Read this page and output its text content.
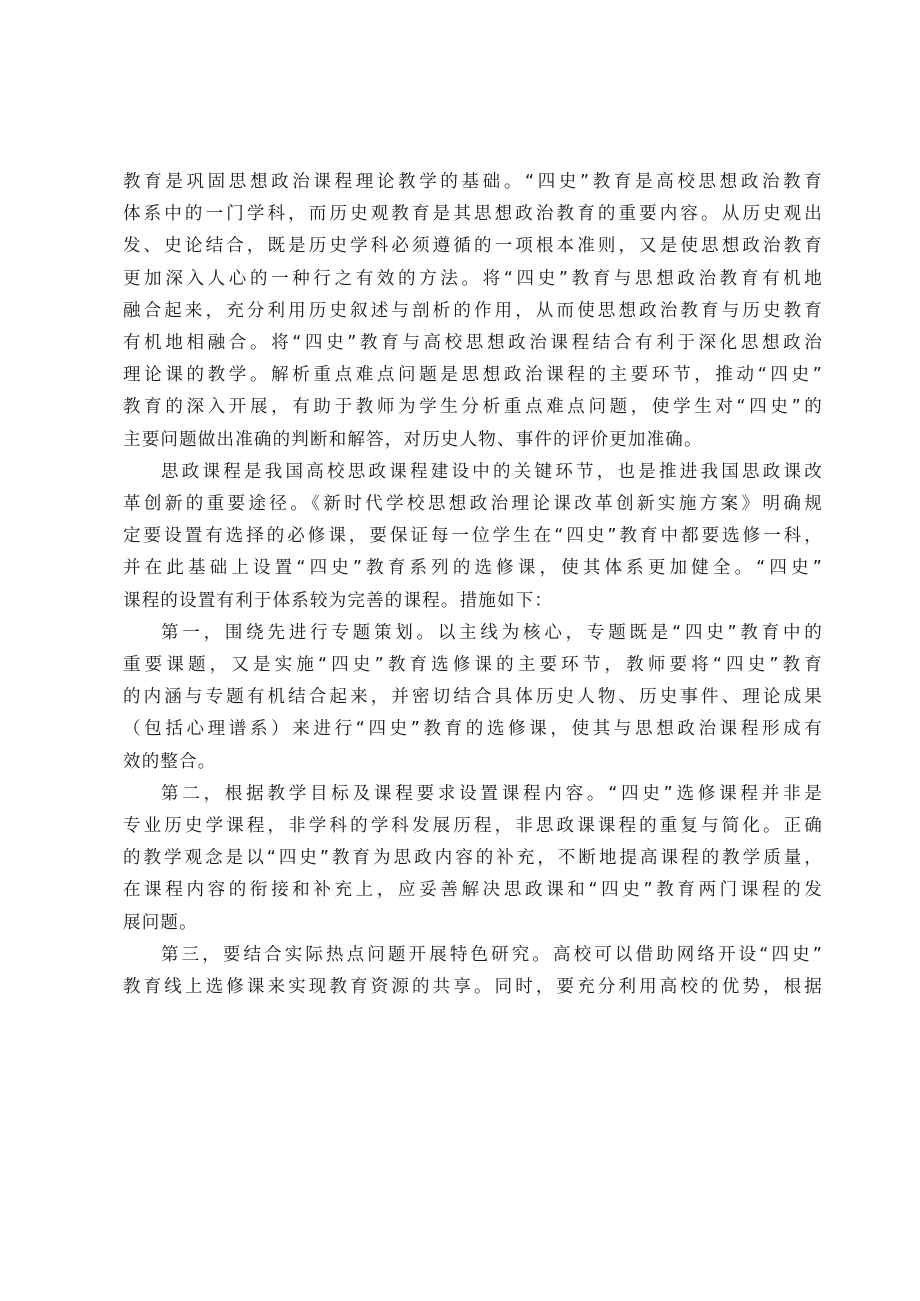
教育是巩固思想政治课程理论教学的基础。“四史”教育是高校思想政治教育
体系中的一门学科，而历史观教育是其思想政治教育的重要内容。从历史观出
发、史论结合，既是历史学科必须遵循的一项根本准则，又是使思想政治教育
更加深入人心的一种行之有效的方法。将“四史”教育与思想政治教育有机地
融合起来，充分利用历史叙述与剖析的作用，从而使思想政治教育与历史教育
有机地相融合。将“四史”教育与高校思想政治课程结合有利于深化思想政治
理论课的教学。解析重点难点问题是思想政治课程的主要环节，推动“四史”
教育的深入开展，有助于教师为学生分析重点难点问题，使学生对“四史”的
主要问题做出准确的判断和解答，对历史人物、事件的评价更加准确。
思政课程是我国高校思政课程建设中的关键环节，也是推进我国思政课改
革创新的重要途径。《新时代学校思想政治理论课改革创新实施方案》明确规
定要设置有选择的必修课，要保证每一位学生在“四史”教育中都要选修一科，
并在此基础上设置“四史”教育系列的选修课，使其体系更加健全。“四史”
课程的设置有利于体系较为完善的课程。措施如下：
第一，围绕先进行专题策划。以主线为核心，专题既是“四史”教育中的
重要课题，又是实施“四史”教育选修课的主要环节，教师要将“四史”教育
的内涵与专题有机结合起来，并密切结合具体历史人物、历史事件、理论成果
（包括心理谱系）来进行“四史”教育的选修课，使其与思想政治课程形成有
效的整合。
第二，根据教学目标及课程要求设置课程内容。“四史”选修课程并非是
专业历史学课程，非学科的学科发展历程，非思政课课程的重复与简化。正确
的教学观念是以“四史”教育为思政内容的补充，不断地提高课程的教学质量，
在课程内容的衔接和补充上，应妥善解决思政课和“四史”教育两门课程的发
展问题。
第三，要结合实际热点问题开展特色研究。高校可以借助网络开设“四史”
教育线上选修课来实现教育资源的共享。同时，要充分利用高校的优势，根据
